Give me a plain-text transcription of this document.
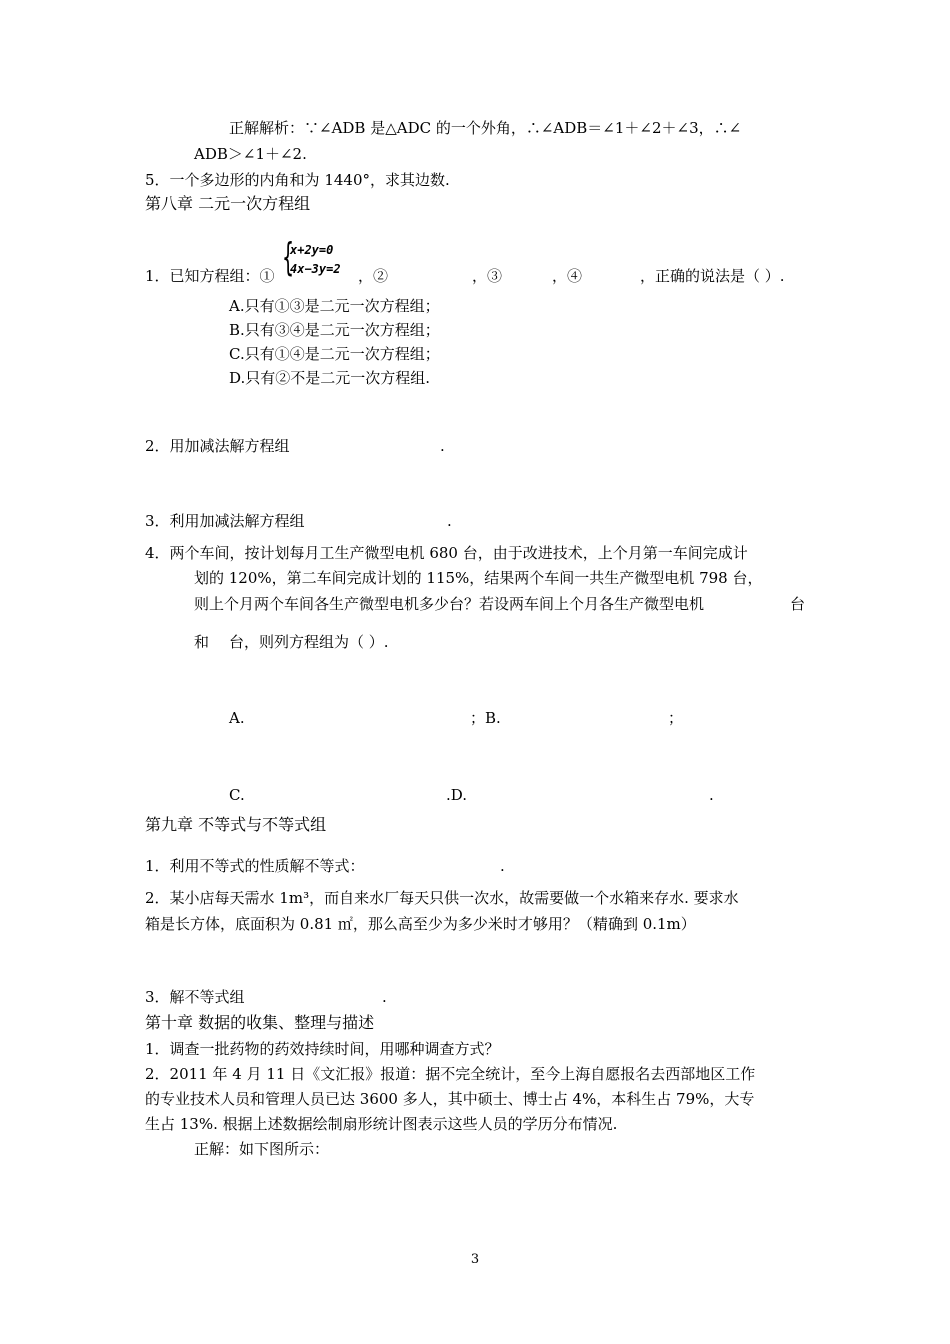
正解解析：∵∠ADB 是△ADC 的一个外角，∴∠ADB＝∠1＋∠2＋∠3，∴∠
ADB＞∠1＋∠2.
5．一个多边形的内角和为 1440°，求其边数.
第八章 二元一次方程组
{
x+2y=0
4x−3y=2
1．已知方程组：①	，②	，③	，④	，正确的说法是（ ）.
A.只有①③是二元一次方程组；
B.只有③④是二元一次方程组；
C.只有①④是二元一次方程组；
D.只有②不是二元一次方程组.
2．用加减法解方程组	.
3．利用加减法解方程组	.
4．两个车间，按计划每月工生产微型电机 680 台，由于改进技术，上个月第一车间完成计
划的 120%，第二车间完成计划的 115%，结果两个车间一共生产微型电机 798 台，
则上个月两个车间各生产微型电机多少台？若设两车间上个月各生产微型电机	台
和 台，则列方程组为（ ）.
A.	；B.	；
C.	.D.	.
第九章 不等式与不等式组
1．利用不等式的性质解不等式：	.
2．某小店每天需水 1m³，而自来水厂每天只供一次水，故需要做一个水箱来存水. 要求水
箱是长方体，底面积为 0.81 ㎡，那么高至少为多少米时才够用？（精确到 0.1m）
3．解不等式组	.
第十章 数据的收集、整理与描述
1．调查一批药物的药效持续时间，用哪种调查方式？
2．2011 年 4 月 11 日《文汇报》报道：据不完全统计，至今上海自愿报名去西部地区工作
的专业技术人员和管理人员已达 3600 多人，其中硕士、博士占 4%，本科生占 79%，大专
生占 13%. 根据上述数据绘制扇形统计图表示这些人员的学历分布情况.
正解：如下图所示：
3
